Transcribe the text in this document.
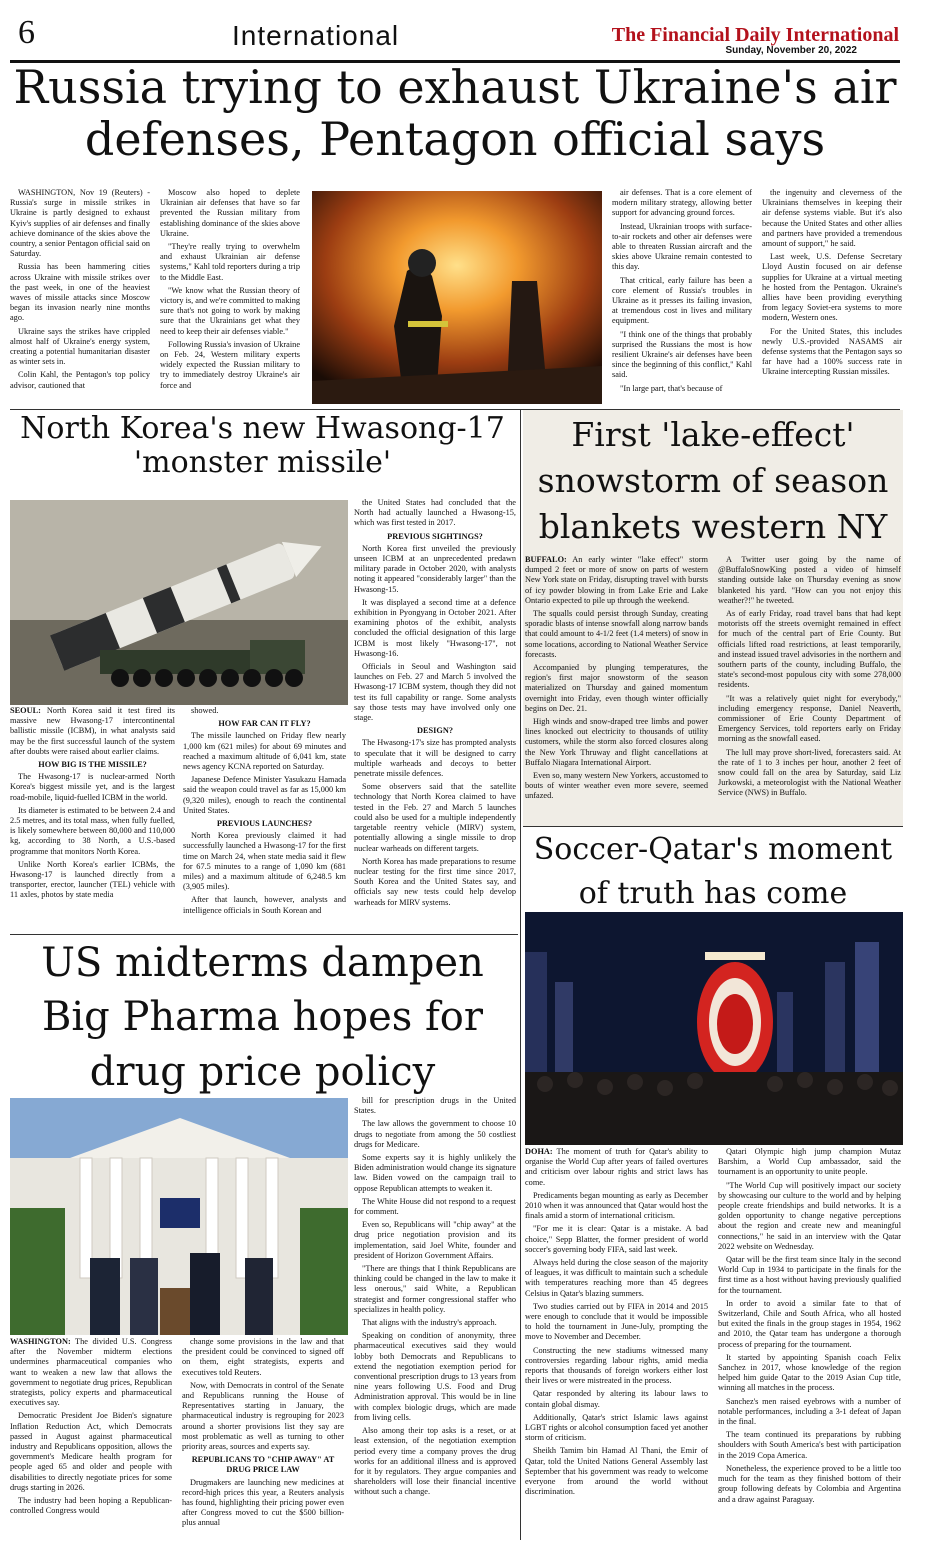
6	International	The Financial Daily International
Sunday, November 20, 2022
Russia trying to exhaust Ukraine's air defenses, Pentagon official says

WASHINGTON, Nov 19 (Reuters) - Russia's surge in missile strikes in Ukraine is partly designed to exhaust Kyiv's supplies of air defenses and finally achieve dominance of the skies above the country, a senior Pentagon official said on Saturday.

Russia has been hammering cities across Ukraine with missile strikes over the past week, in one of the heaviest waves of missile attacks since Moscow began its invasion nearly nine months ago.

Ukraine says the strikes have crippled almost half of Ukraine's energy system, creating a potential humanitarian disaster as winter sets in.

Colin Kahl, the Pentagon's top policy advisor, cautioned that

Moscow also hoped to deplete Ukrainian air defenses that have so far prevented the Russian military from establishing dominance of the skies above Ukraine.

"They're really trying to overwhelm and exhaust Ukrainian air defense systems," Kahl told reporters during a trip to the Middle East.

"We know what the Russian theory of victory is, and we're committed to making sure that's not going to work by making sure that the Ukrainians get what they need to keep their air defenses viable."

Following Russia's invasion of Ukraine on Feb. 24, Western military experts widely expected the Russian military to try to immediately destroy Ukraine's air force and

air defenses. That is a core element of modern military strategy, allowing better support for advancing ground forces.

Instead, Ukrainian troops with surface-to-air rockets and other air defenses were able to threaten Russian aircraft and the skies above Ukraine remain contested to this day.

That critical, early failure has been a core element of Russia's troubles in Ukraine as it presses its failing invasion, at tremendous cost in lives and military equipment.

"I think one of the things that probably surprised the Russians the most is how resilient Ukraine's air defenses have been since the beginning of this conflict," Kahl said.

"In large part, that's because of

the ingenuity and cleverness of the Ukrainians themselves in keeping their air defense systems viable. But it's also because the United States and other allies and partners have provided a tremendous amount of support," he said.

Last week, U.S. Defense Secretary Lloyd Austin focused on air defense supplies for Ukraine at a virtual meeting he hosted from the Pentagon. Ukraine's allies have been providing everything from legacy Soviet-era systems to more modern, Western ones.

For the United States, this includes newly U.S.-provided NASAMS air defense systems that the Pentagon says so far have had a 100% success rate in Ukraine intercepting Russian missiles.

North Korea's new Hwasong-17 'monster missile'

SEOUL: North Korea said it test fired its massive new Hwasong-17 intercontinental ballistic missile (ICBM), in what analysts said may be the first successful launch of the system after doubts were raised about earlier claims.

HOW BIG IS THE MISSILE?

The Hwasong-17 is nuclear-armed North Korea's biggest missile yet, and is the largest road-mobile, liquid-fuelled ICBM in the world.

Its diameter is estimated to be between 2.4 and 2.5 metres, and its total mass, when fully fuelled, is likely somewhere between 80,000 and 110,000 kg, according to 38 North, a U.S.-based programme that monitors North Korea.

Unlike North Korea's earlier ICBMs, the Hwasong-17 is launched directly from a transporter, erector, launcher (TEL) vehicle with 11 axles, photos by state media

showed.

HOW FAR CAN IT FLY?

The missile launched on Friday flew nearly 1,000 km (621 miles) for about 69 minutes and reached a maximum altitude of 6,041 km, state news agency KCNA reported on Saturday.

Japanese Defence Minister Yasukazu Hamada said the weapon could travel as far as 15,000 km (9,320 miles), enough to reach the continental United States.

PREVIOUS LAUNCHES?

North Korea previously claimed it had successfully launched a Hwasong-17 for the first time on March 24, when state media said it flew for 67.5 minutes to a range of 1,090 km (681 miles) and a maximum altitude of 6,248.5 km (3,905 miles).

After that launch, however, analysts and intelligence officials in South Korean and

the United States had concluded that the North had actually launched a Hwasong-15, which was first tested in 2017.

PREVIOUS SIGHTINGS?

North Korea first unveiled the previously unseen ICBM at an unprecedented predawn military parade in October 2020, with analysts noting it appeared "considerably larger" than the Hwasong-15.

It was displayed a second time at a defence exhibition in Pyongyang in October 2021. After examining photos of the exhibit, analysts concluded the official designation of this large ICBM is most likely "Hwasong-17", not Hwasong-16.

Officials in Seoul and Washington said launches on Feb. 27 and March 5 involved the Hwasong-17 ICBM system, though they did not test its full capability or range. Some analysts say those tests may have involved only one stage.

DESIGN?

The Hwasong-17's size has prompted analysts to speculate that it will be designed to carry multiple warheads and decoys to better penetrate missile defences.

Some observers said that the satellite technology that North Korea claimed to have tested in the Feb. 27 and March 5 launches could also be used for a multiple independently targetable reentry vehicle (MIRV) system, potentially allowing a single missile to drop nuclear warheads on different targets.

North Korea has made preparations to resume nuclear testing for the first time since 2017, South Korea and the United States say, and officials say new tests could help develop warheads for MIRV systems.

First 'lake-effect' snowstorm of season blankets western NY

BUFFALO: An early winter "lake effect" storm dumped 2 feet or more of snow on parts of western New York state on Friday, disrupting travel with bursts of icy powder blowing in from Lake Erie and Lake Ontario expected to pile up through the weekend.

The squalls could persist through Sunday, creating sporadic blasts of intense snowfall along narrow bands that could amount to 4-1/2 feet (1.4 meters) of snow in some locations, according to National Weather Service forecasts.

Accompanied by plunging temperatures, the region's first major snowstorm of the season materialized on Thursday and gained momentum overnight into Friday, even though winter officially begins on Dec. 21.

High winds and snow-draped tree limbs and power lines knocked out electricity to thousands of utility customers, while the storm also forced closures along the New York Thruway and flight cancellations at Buffalo Niagara International Airport.

Even so, many western New Yorkers, accustomed to bouts of winter weather even more severe, seemed unfazed.

A Twitter user going by the name of @BuffaloSnowKing posted a video of himself standing outside lake on Thursday evening as snow blanketed his yard. "How can you not enjoy this weather?!" he tweeted.

As of early Friday, road travel bans that had kept motorists off the streets overnight remained in effect for much of the central part of Erie County. But officials lifted road restrictions, at least temporarily, and instead issued travel advisories in the northern and southern parts of the county, including Buffalo, the state's second-most populous city with some 278,000 residents.

"It was a relatively quiet night for everybody," including emergency response, Daniel Neaverth, commissioner of Erie County Department of Emergency Services, told reporters early on Friday morning as the snowfall eased.

The lull may prove short-lived, forecasters said. At the rate of 1 to 3 inches per hour, another 2 feet of snow could fall on the area by Saturday, said Liz Jurkowski, a meteorologist with the National Weather Service (NWS) in Buffalo.

Soccer-Qatar's moment of truth has come

DOHA: The moment of truth for Qatar's ability to organise the World Cup after years of failed overtures and criticism over labour rights and strict laws has come.

Predicaments began mounting as early as December 2010 when it was announced that Qatar would host the finals amid a storm of international criticism.

"For me it is clear: Qatar is a mistake. A bad choice," Sepp Blatter, the former president of world soccer's governing body FIFA, said last week.

Always held during the close season of the majority of leagues, it was difficult to maintain such a schedule with temperatures reaching more than 45 degrees Celsius in Qatar's blazing summers.

Two studies carried out by FIFA in 2014 and 2015 were enough to conclude that it would be impossible to hold the tournament in June-July, prompting the move to November and December.

Constructing the new stadiums witnessed many controversies regarding labour rights, amid media reports that thousands of foreign workers either lost their lives or were mistreated in the process.

Qatar responded by altering its labour laws to contain global dismay.

Additionally, Qatar's strict Islamic laws against LGBT rights or alcohol consumption faced yet another storm of criticism.

Sheikh Tamim bin Hamad Al Thani, the Emir of Qatar, told the United Nations General Assembly last September that his government was ready to welcome everyone from around the world without discrimination.

Qatari Olympic high jump champion Mutaz Barshim, a World Cup ambassador, said the tournament is an opportunity to unite people.

"The World Cup will positively impact our society by showcasing our culture to the world and by helping people create friendships and build networks. It is a golden opportunity to change negative perceptions about the region and create new and meaningful connections," he said in an interview with the Qatar 2022 website on Wednesday.

Qatar will be the first team since Italy in the second World Cup in 1934 to participate in the finals for the first time as a host without having previously qualified for the tournament.

In order to avoid a similar fate to that of Switzerland, Chile and South Africa, who all hosted but exited the finals in the group stages in 1954, 1962 and 2010, the Qatar team has undergone a thorough process of preparing for the tournament.

It started by appointing Spanish coach Felix Sanchez in 2017, whose knowledge of the region helped him guide Qatar to the 2019 Asian Cup title, winning all matches in the process.

Sanchez's men raised eyebrows with a number of notable performances, including a 3-1 defeat of Japan in the final.

The team continued its preparations by rubbing shoulders with South America's best with participation in the 2019 Copa America.

Nonetheless, the experience proved to be a little too much for the team as they finished bottom of their group following defeats by Colombia and Argentina and a draw against Paraguay.

US midterms dampen Big Pharma hopes for drug price policy

WASHINGTON: The divided U.S. Congress after the November midterm elections undermines pharmaceutical companies who want to weaken a new law that allows the government to negotiate drug prices, Republican strategists, policy experts and pharmaceutical executives say.

Democratic President Joe Biden's signature Inflation Reduction Act, which Democrats passed in August against pharmaceutical industry and Republicans opposition, allows the government's Medicare health program for people aged 65 and older and people with disabilities to directly negotiate prices for some drugs starting in 2026.

The industry had been hoping a Republican-controlled Congress would

change some provisions in the law and that the president could be convinced to signed off on them, eight strategists, experts and executives told Reuters.

Now, with Democrats in control of the Senate and Republicans running the House of Representatives starting in January, the pharmaceutical industry is regrouping for 2023 around a shorter provisions list they say are most problematic as well as turning to other priority areas, sources and experts say.

REPUBLICANS TO "CHIP AWAY" AT DRUG PRICE LAW

Drugmakers are launching new medicines at record-high prices this year, a Reuters analysis has found, highlighting their pricing power even after Congress moved to cut the $500 billion-plus annual

bill for prescription drugs in the United States.

The law allows the government to choose 10 drugs to negotiate from among the 50 costliest drugs for Medicare.

Some experts say it is highly unlikely the Biden administration would change its signature law. Biden vowed on the campaign trail to oppose Republican attempts to weaken it.

The White House did not respond to a request for comment.

Even so, Republicans will "chip away" at the drug price negotiation provision and its implementation, said Joel White, founder and president of Horizon Government Affairs.

"There are things that I think Republicans are thinking could be changed in the law to make it less onerous," said White, a Republican strategist and former congressional staffer who specializes in health policy.

That aligns with the industry's approach.

Speaking on condition of anonymity, three pharmaceutical executives said they would lobby both Democrats and Republicans to extend the negotiation exemption period for conventional prescription drugs to 13 years from nine years following U.S. Food and Drug Administration approval. This would be in line with complex biologic drugs, which are made from living cells.

Also among their top asks is a reset, or at least extension, of the negotiation exemption period every time a company proves the drug works for an additional illness and is approved for it by regulators. They argue companies and shareholders will lose their financial incentive without such a change.
